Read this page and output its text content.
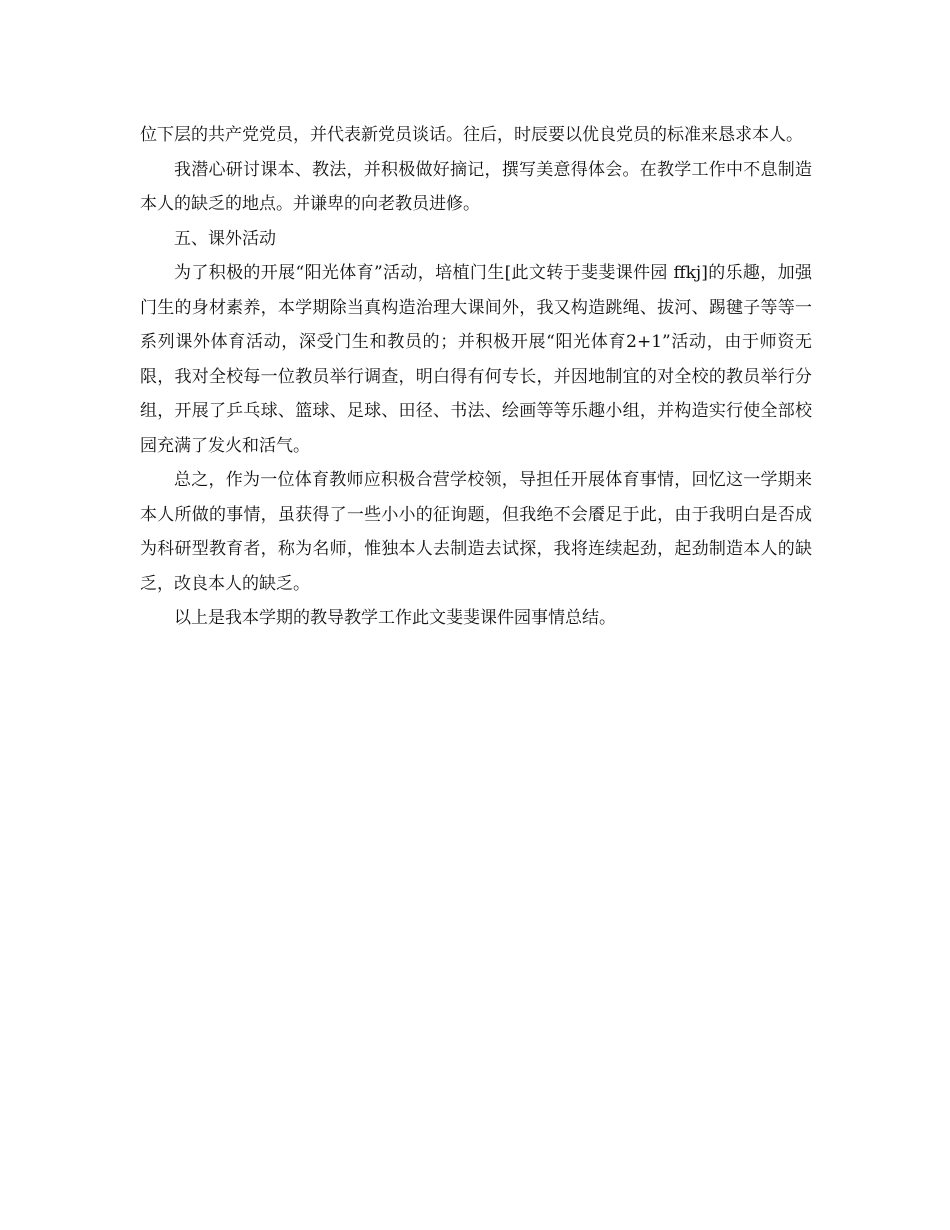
位下层的共产党党员，并代表新党员谈话。往后，时辰要以优良党员的标准来恳求本人。

我潜心研讨课本、教法，并积极做好摘记，撰写美意得体会。在教学工作中不息制造本人的缺乏的地点。并谦卑的向老教员进修。

五、课外活动

为了积极的开展“阳光体育”活动，培植门生[此文转于斐斐课件园 ffkj]的乐趣，加强门生的身材素养，本学期除当真构造治理大课间外，我又构造跳绳、拔河、踢毽子等等一系列课外体育活动，深受门生和教员的；并积极开展“阳光体育2+1”活动，由于师资无限，我对全校每一位教员举行调查，明白得有何专长，并因地制宜的对全校的教员举行分组，开展了乒乓球、篮球、足球、田径、书法、绘画等等乐趣小组，并构造实行使全部校园充满了发火和活气。

总之，作为一位体育教师应积极合营学校领，导担任开展体育事情，回忆这一学期来本人所做的事情，虽获得了一些小小的征询题，但我绝不会餍足于此，由于我明白是否成为科研型教育者，称为名师，惟独本人去制造去试探，我将连续起劲，起劲制造本人的缺乏，改良本人的缺乏。

以上是我本学期的教导教学工作此文斐斐课件园事情总结。
